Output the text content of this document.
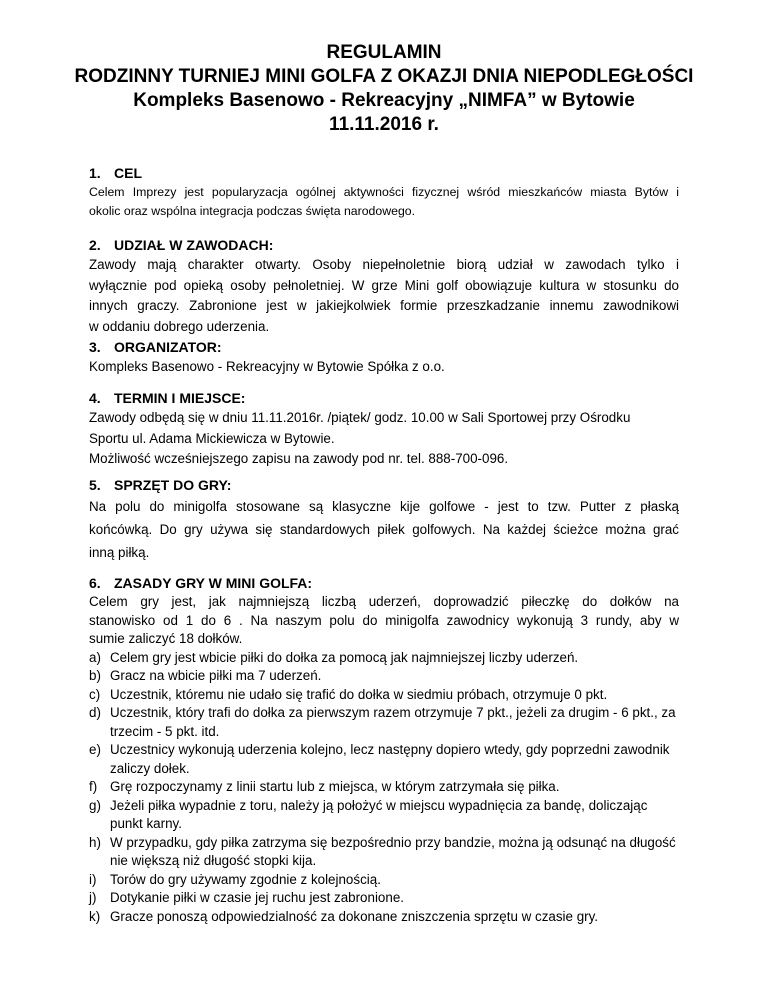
REGULAMIN
RODZINNY TURNIEJ MINI GOLFA Z OKAZJI DNIA NIEPODLEGŁOŚCI
Kompleks Basenowo - Rekreacyjny „NIMFA” w Bytowie
11.11.2016 r.
1. CEL
Celem Imprezy jest popularyzacja ogólnej aktywności fizycznej wśród mieszkańców miasta Bytów i
okolic oraz wspólna integracja podczas święta narodowego.
2. UDZIAŁ W ZAWODACH:
Zawody mają charakter otwarty. Osoby niepełnoletnie biorą udział w zawodach tylko i
wyłącznie pod opieką osoby pełnoletniej. W grze Mini golf obowiązuje kultura w stosunku do
innych graczy. Zabronione jest w jakiejkolwiek formie przeszkadzanie innemu zawodnikowi
w oddaniu dobrego uderzenia.
3. ORGANIZATOR:
Kompleks Basenowo - Rekreacyjny w Bytowie Spółka z o.o.
4. TERMIN I MIEJSCE:
Zawody odbędą się w dniu 11.11.2016r. /piątek/ godz. 10.00 w Sali Sportowej przy Ośrodku
Sportu ul. Adama Mickiewicza w Bytowie.
Możliwość wcześniejszego zapisu na zawody pod nr. tel. 888-700-096.
5. SPRZĘT DO GRY:
Na polu do minigolfa stosowane są klasyczne kije golfowe - jest to tzw. Putter z płaską
końcówką. Do gry używa się standardowych piłek golfowych. Na każdej ścieżce można grać
inną piłką.
6. ZASADY GRY W MINI GOLFA:
Celem gry jest, jak najmniejszą liczbą uderzeń, doprowadzić piłeczkę do dołków na
stanowisko od 1 do 6 . Na naszym polu do minigolfa zawodnicy wykonują 3 rundy, aby w
sumie zaliczyć 18 dołków.
a) Celem gry jest wbicie piłki do dołka za pomocą jak najmniejszej liczby uderzeń.
b) Gracz na wbicie piłki ma 7 uderzeń.
c) Uczestnik, któremu nie udało się trafić do dołka w siedmiu próbach, otrzymuje 0 pkt.
d) Uczestnik, który trafi do dołka za pierwszym razem otrzymuje 7 pkt., jeżeli za drugim - 6 pkt., za trzecim - 5 pkt. itd.
e) Uczestnicy wykonują uderzenia kolejno, lecz następny dopiero wtedy, gdy poprzedni zawodnik zaliczy dołek.
f) Grę rozpoczynamy z linii startu lub z miejsca, w którym zatrzymała się piłka.
g) Jeżeli piłka wypadnie z toru, należy ją położyć w miejscu wypadnięcia za bandę, doliczając punkt karny.
h) W przypadku, gdy piłka zatrzyma się bezpośrednio przy bandzie, można ją odsunąć na długość nie większą niż długość stopki kija.
i)	Torów do gry używamy zgodnie z kolejnością.
j)	Dotykanie piłki w czasie jej ruchu jest zabronione.
k) Gracze ponoszą odpowiedzialność za dokonane zniszczenia sprzętu w czasie gry.
